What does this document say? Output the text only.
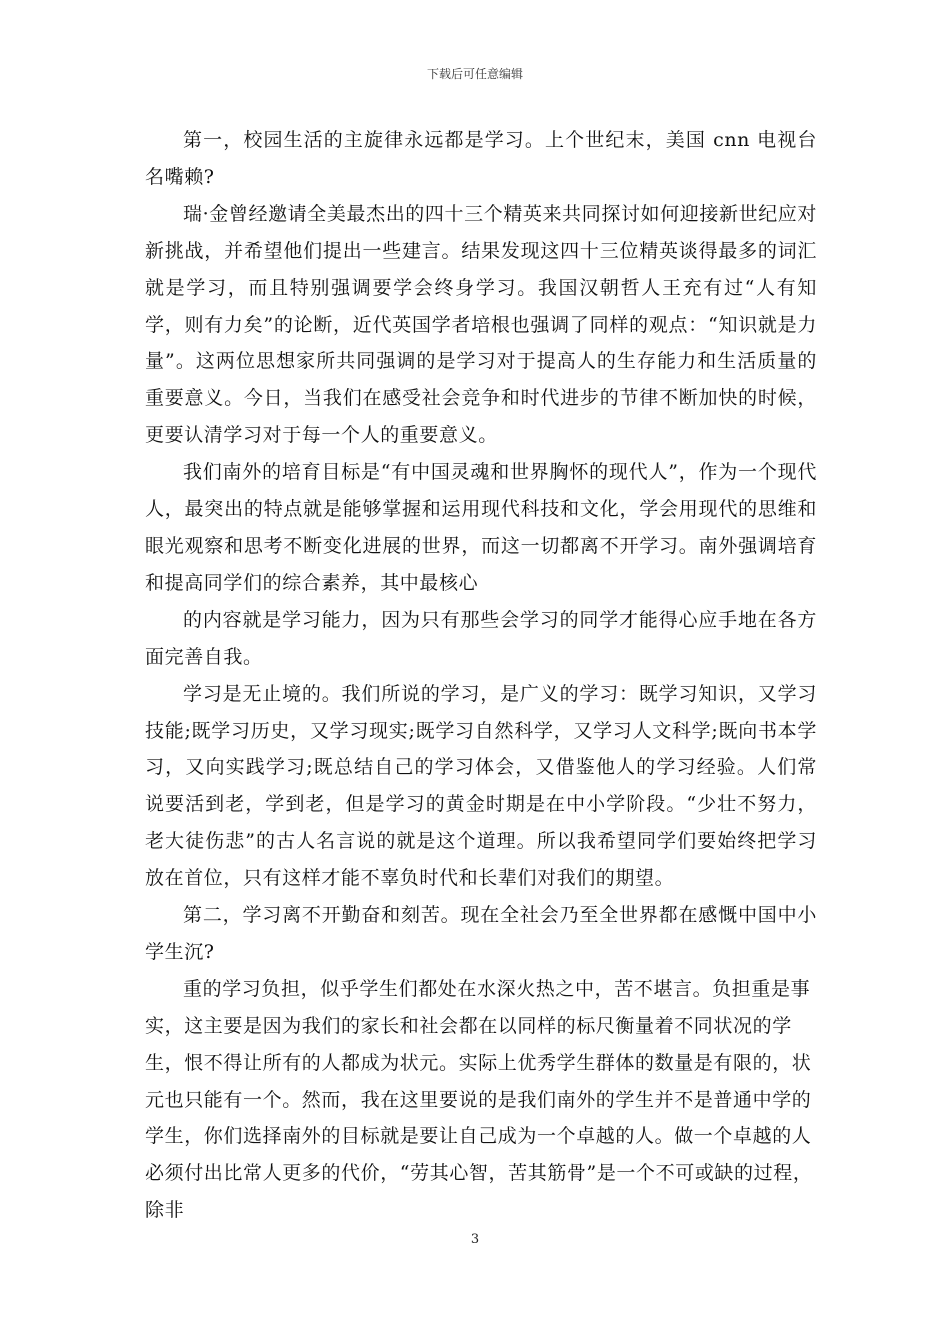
下载后可任意编辑

第一，校园生活的主旋律永远都是学习。上个世纪末，美国 cnn 电视台名嘴赖?

瑞·金曾经邀请全美最杰出的四十三个精英来共同探讨如何迎接新世纪应对新挑战，并希望他们提出一些建言。结果发现这四十三位精英谈得最多的词汇就是学习，而且特别强调要学会终身学习。我国汉朝哲人王充有过“人有知学，则有力矣”的论断，近代英国学者培根也强调了同样的观点：“知识就是力量”。这两位思想家所共同强调的是学习对于提高人的生存能力和生活质量的重要意义。今日，当我们在感受社会竞争和时代进步的节律不断加快的时候，更要认清学习对于每一个人的重要意义。

我们南外的培育目标是“有中国灵魂和世界胸怀的现代人”，作为一个现代人，最突出的特点就是能够掌握和运用现代科技和文化，学会用现代的思维和眼光观察和思考不断变化进展的世界，而这一切都离不开学习。南外强调培育和提高同学们的综合素养，其中最核心

的内容就是学习能力，因为只有那些会学习的同学才能得心应手地在各方面完善自我。

学习是无止境的。我们所说的学习，是广义的学习：既学习知识，又学习技能;既学习历史，又学习现实;既学习自然科学，又学习人文科学;既向书本学习，又向实践学习;既总结自己的学习体会，又借鉴他人的学习经验。人们常说要活到老，学到老，但是学习的黄金时期是在中小学阶段。“少壮不努力，老大徒伤悲”的古人名言说的就是这个道理。所以我希望同学们要始终把学习放在首位，只有这样才能不辜负时代和长辈们对我们的期望。

第二，学习离不开勤奋和刻苦。现在全社会乃至全世界都在感慨中国中小学生沉?

重的学习负担，似乎学生们都处在水深火热之中，苦不堪言。负担重是事实，这主要是因为我们的家长和社会都在以同样的标尺衡量着不同状况的学生，恨不得让所有的人都成为状元。实际上优秀学生群体的数量是有限的，状元也只能有一个。然而，我在这里要说的是我们南外的学生并不是普通中学的学生，你们选择南外的目标就是要让自己成为一个卓越的人。做一个卓越的人必须付出比常人更多的代价，“劳其心智，苦其筋骨”是一个不可或缺的过程，除非

3
